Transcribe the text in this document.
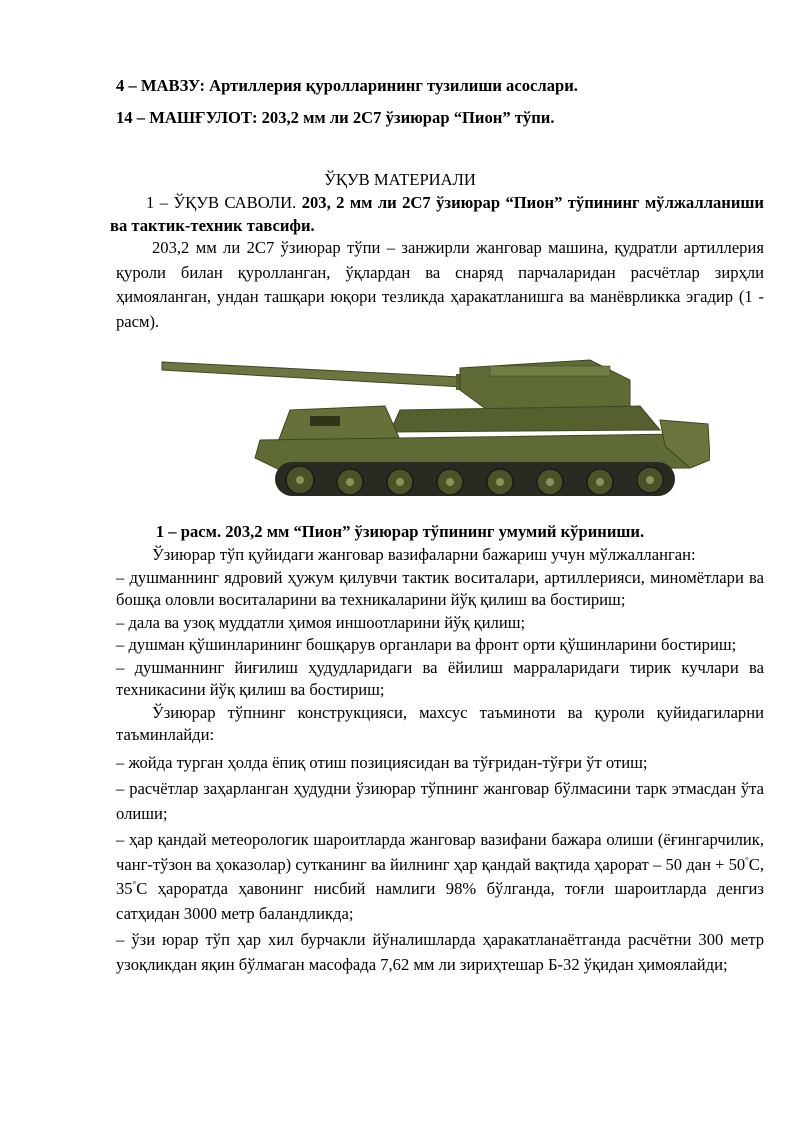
4 – МАВЗУ: Артиллерия қуролларининг тузилиши асослари.
14 – МАШҒУЛОТ: 203,2 мм ли 2С7 ўзиюрар “Пион” тўпи.
ЎҚУВ МАТЕРИАЛИ

1 – ЎҚУВ САВОЛИ. 203, 2 мм ли 2С7 ўзиюрар “Пион” тўпининг мўлжалланиши ва тактик-техник тавсифи.

203,2 мм ли 2С7 ўзиюрар тўпи – занжирли жанговар машина, қудратли артиллерия қуроли билан қуролланган, ўқлардан ва снаряд парчаларидан расчётлар зирҳли ҳимояланган, ундан ташқари юқори тезликда ҳаракатланишга ва манёврликка эгадир (1 - расм).

1 – расм. 203,2 мм “Пион” ўзиюрар тўпининг умумий кўриниши.
Ўзиюрар тўп қуйидаги жанговар вазифаларни бажариш учун мўлжалланган:
– душманнинг ядровий ҳужум қилувчи тактик воситалари, артиллерияси, миномётлари ва бошқа оловли воситаларини ва техникаларини йўқ қилиш ва бостириш;
– дала ва узоқ муддатли ҳимоя иншоотларини йўқ қилиш;
– душман қўшинларининг бошқарув органлари ва фронт орти қўшинларини бостириш;
– душманнинг йиғилиш ҳудудларидаги ва ёйилиш марраларидаги тирик кучлари ва техникасини йўқ қилиш ва бостириш;
Ўзиюрар тўпнинг конструкцияси, махсус таъминоти ва қуроли қуйидагиларни таъминлайди:
– жойда турган ҳолда ёпиқ отиш позициясидан ва тўғридан-тўғри ўт отиш;
– расчётлар заҳарланган ҳудудни ўзиюрар тўпнинг жанговар бўлмасини тарк этмасдан ўта олиши;
– ҳар қандай метеорологик шароитларда жанговар вазифани бажара олиши (ёғингарчилик, чанг-тўзон ва ҳоказолар) сутканинг ва йилнинг ҳар қандай вақтида ҳарорат – 50 дан + 50°С, 35°С ҳароратда ҳавонинг нисбий намлиги 98% бўлганда, тоғли шароитларда денгиз сатҳидан 3000 метр баландликда;
– ўзи юрар тўп ҳар хил бурчакли йўналишларда ҳаракатланаётганда расчётни 300 метр узоқликдан яқин бўлмаган масофада 7,62 мм ли зириҳтешар Б-32 ўқидан ҳимоялайди;
